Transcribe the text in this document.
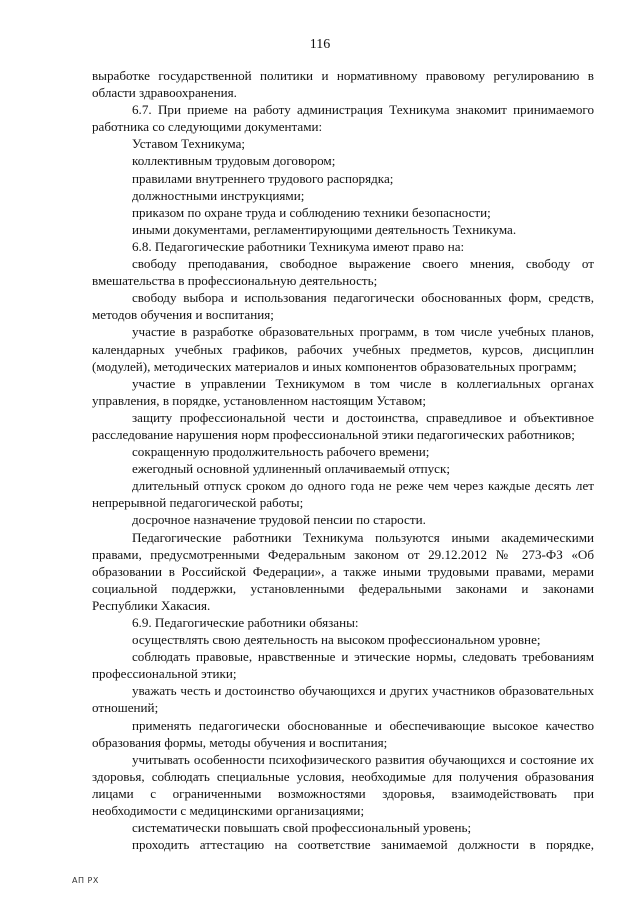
116

выработке государственной политики и нормативному правовому регулированию в области здравоохранения.

6.7. При приеме на работу администрация Техникума знакомит принимаемого работника со следующими документами:

Уставом Техникума;

коллективным трудовым договором;

правилами внутреннего трудового распорядка;

должностными инструкциями;

приказом по охране труда и соблюдению техники безопасности;

иными документами, регламентирующими деятельность Техникума.

6.8. Педагогические работники Техникума имеют право на:

свободу преподавания, свободное выражение своего мнения, свободу от вмешательства в профессиональную деятельность;

свободу выбора и использования педагогически обоснованных форм, средств, методов обучения и воспитания;

участие в разработке образовательных программ, в том числе учебных планов, календарных учебных графиков, рабочих учебных предметов, курсов, дисциплин (модулей), методических материалов и иных компонентов образовательных программ;

участие в управлении Техникумом в том числе в коллегиальных органах управления, в порядке, установленном настоящим Уставом;

защиту профессиональной чести и достоинства, справедливое и объективное расследование нарушения норм профессиональной этики педагогических работников;

сокращенную продолжительность рабочего времени;

ежегодный основной удлиненный оплачиваемый отпуск;

длительный отпуск сроком до одного года не реже чем через каждые десять лет непрерывной педагогической работы;

досрочное назначение трудовой пенсии по старости.

Педагогические работники Техникума пользуются иными академическими правами, предусмотренными Федеральным законом от 29.12.2012 № 273-ФЗ «Об образовании в Российской Федерации», а также иными трудовыми правами, мерами социальной поддержки, установленными федеральными законами и законами Республики Хакасия.

6.9. Педагогические работники обязаны:

осуществлять свою деятельность на высоком профессиональном уровне;

соблюдать правовые, нравственные и этические нормы, следовать требованиям профессиональной этики;

уважать честь и достоинство обучающихся и других участников образовательных отношений;

применять педагогически обоснованные и обеспечивающие высокое качество образования формы, методы обучения и воспитания;

учитывать особенности психофизического развития обучающихся и состояние их здоровья, соблюдать специальные условия, необходимые для получения образования лицами с ограниченными возможностями здоровья, взаимодействовать при необходимости с медицинскими организациями;

систематически повышать свой профессиональный уровень;

проходить аттестацию на соответствие занимаемой должности в порядке,

АП РХ
